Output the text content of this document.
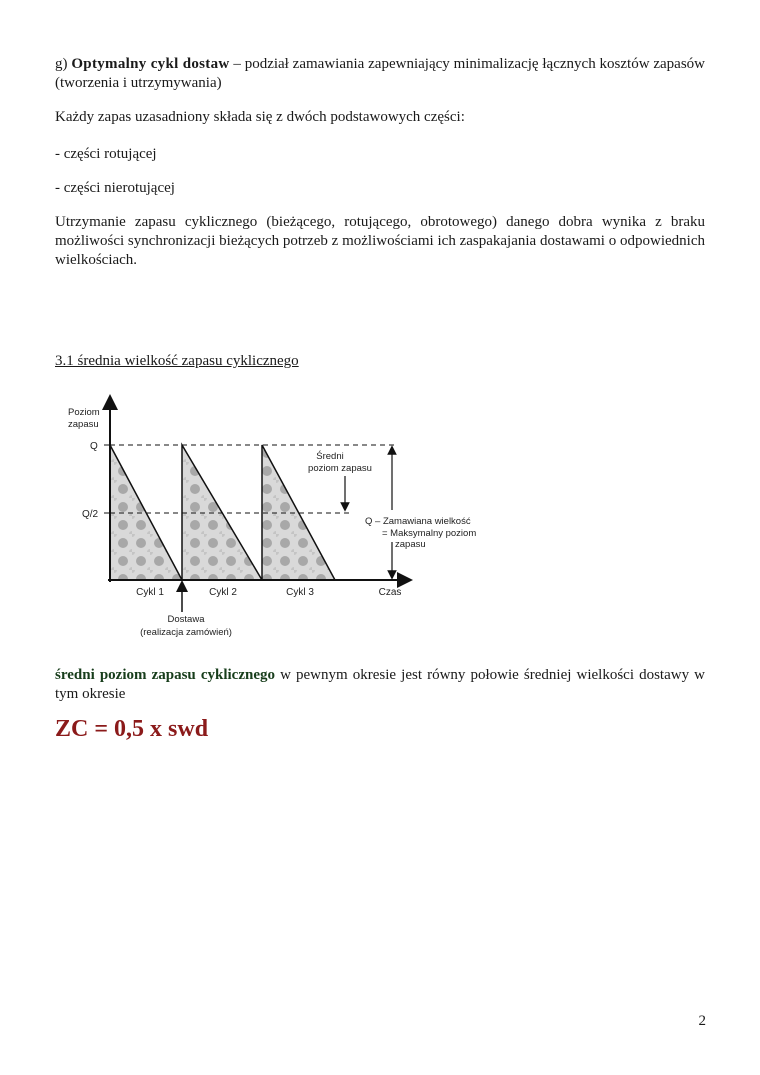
g) Optymalny cykl dostaw – podział zamawiania zapewniający minimalizację łącznych kosztów zapasów (tworzenia i utrzymywania)

Każdy zapas uzasadniony składa się z dwóch podstawowych części:

- części rotującej

- części nierotującej

Utrzymanie zapasu cyklicznego (bieżącego, rotującego, obrotowego) danego dobra wynika z braku możliwości synchronizacji bieżących potrzeb z możliwościami ich zaspakajania dostawami o odpowiednich wielkościach.

3.1 średnia wielkość zapasu cyklicznego

Poziom
zapasu
Q
Q/2
Średni
poziom zapasu
Q – Zamawiana wielkość
= Maksymalny poziom
zapasu
Cykl 1	Cykl 2	Cykl 3	Czas
Dostawa
(realizacja zamówień)

średni poziom zapasu cyklicznego w pewnym okresie jest równy połowie średniej wielkości dostawy w tym okresie

ZC = 0,5 x swd

2
